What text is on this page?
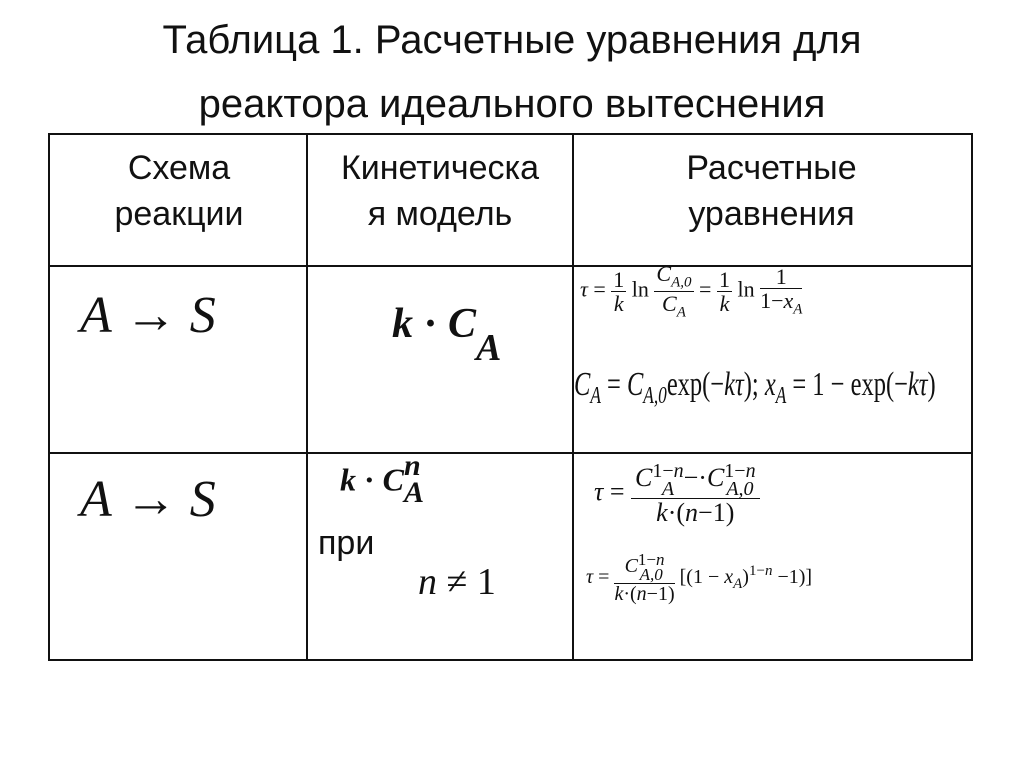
Таблица 1. Расчетные уравнения для
реактора идеального вытеснения
Схема
реакции
Кинетическа
я модель
Расчетные
уравнения
A → S	$k \cdot C_A$
$\tau = \frac{1}{k}$ $\ln \frac{C_{A,0}}{C_A} = \frac{1}{k}$ $\ln \frac{1}{1-x_A}$
$C_A = C_{A,0}\exp(-k\tau)$; $x_A = 1 - \exp(-k\tau)$
A → S	k · C n
A
при
n ≠ 1
τ = C 1−n
A −·C 1−n
A,0
k·(n−1)
τ = C 1−n
A,0
k·(n−1) $[(1 - x_A)^{1-n} -1)$]
